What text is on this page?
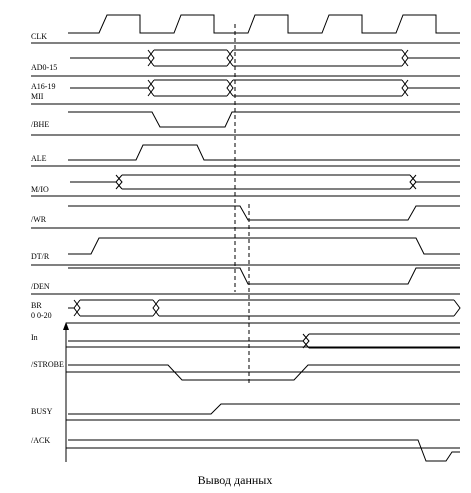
CLK
AD0-15
A16-19
MII
/BHE
ALE
M/IO
/WR
DT/R
/DEN
BR
0 0-20
In
/STROBE
BUSY
/ACK
Вывод данных
